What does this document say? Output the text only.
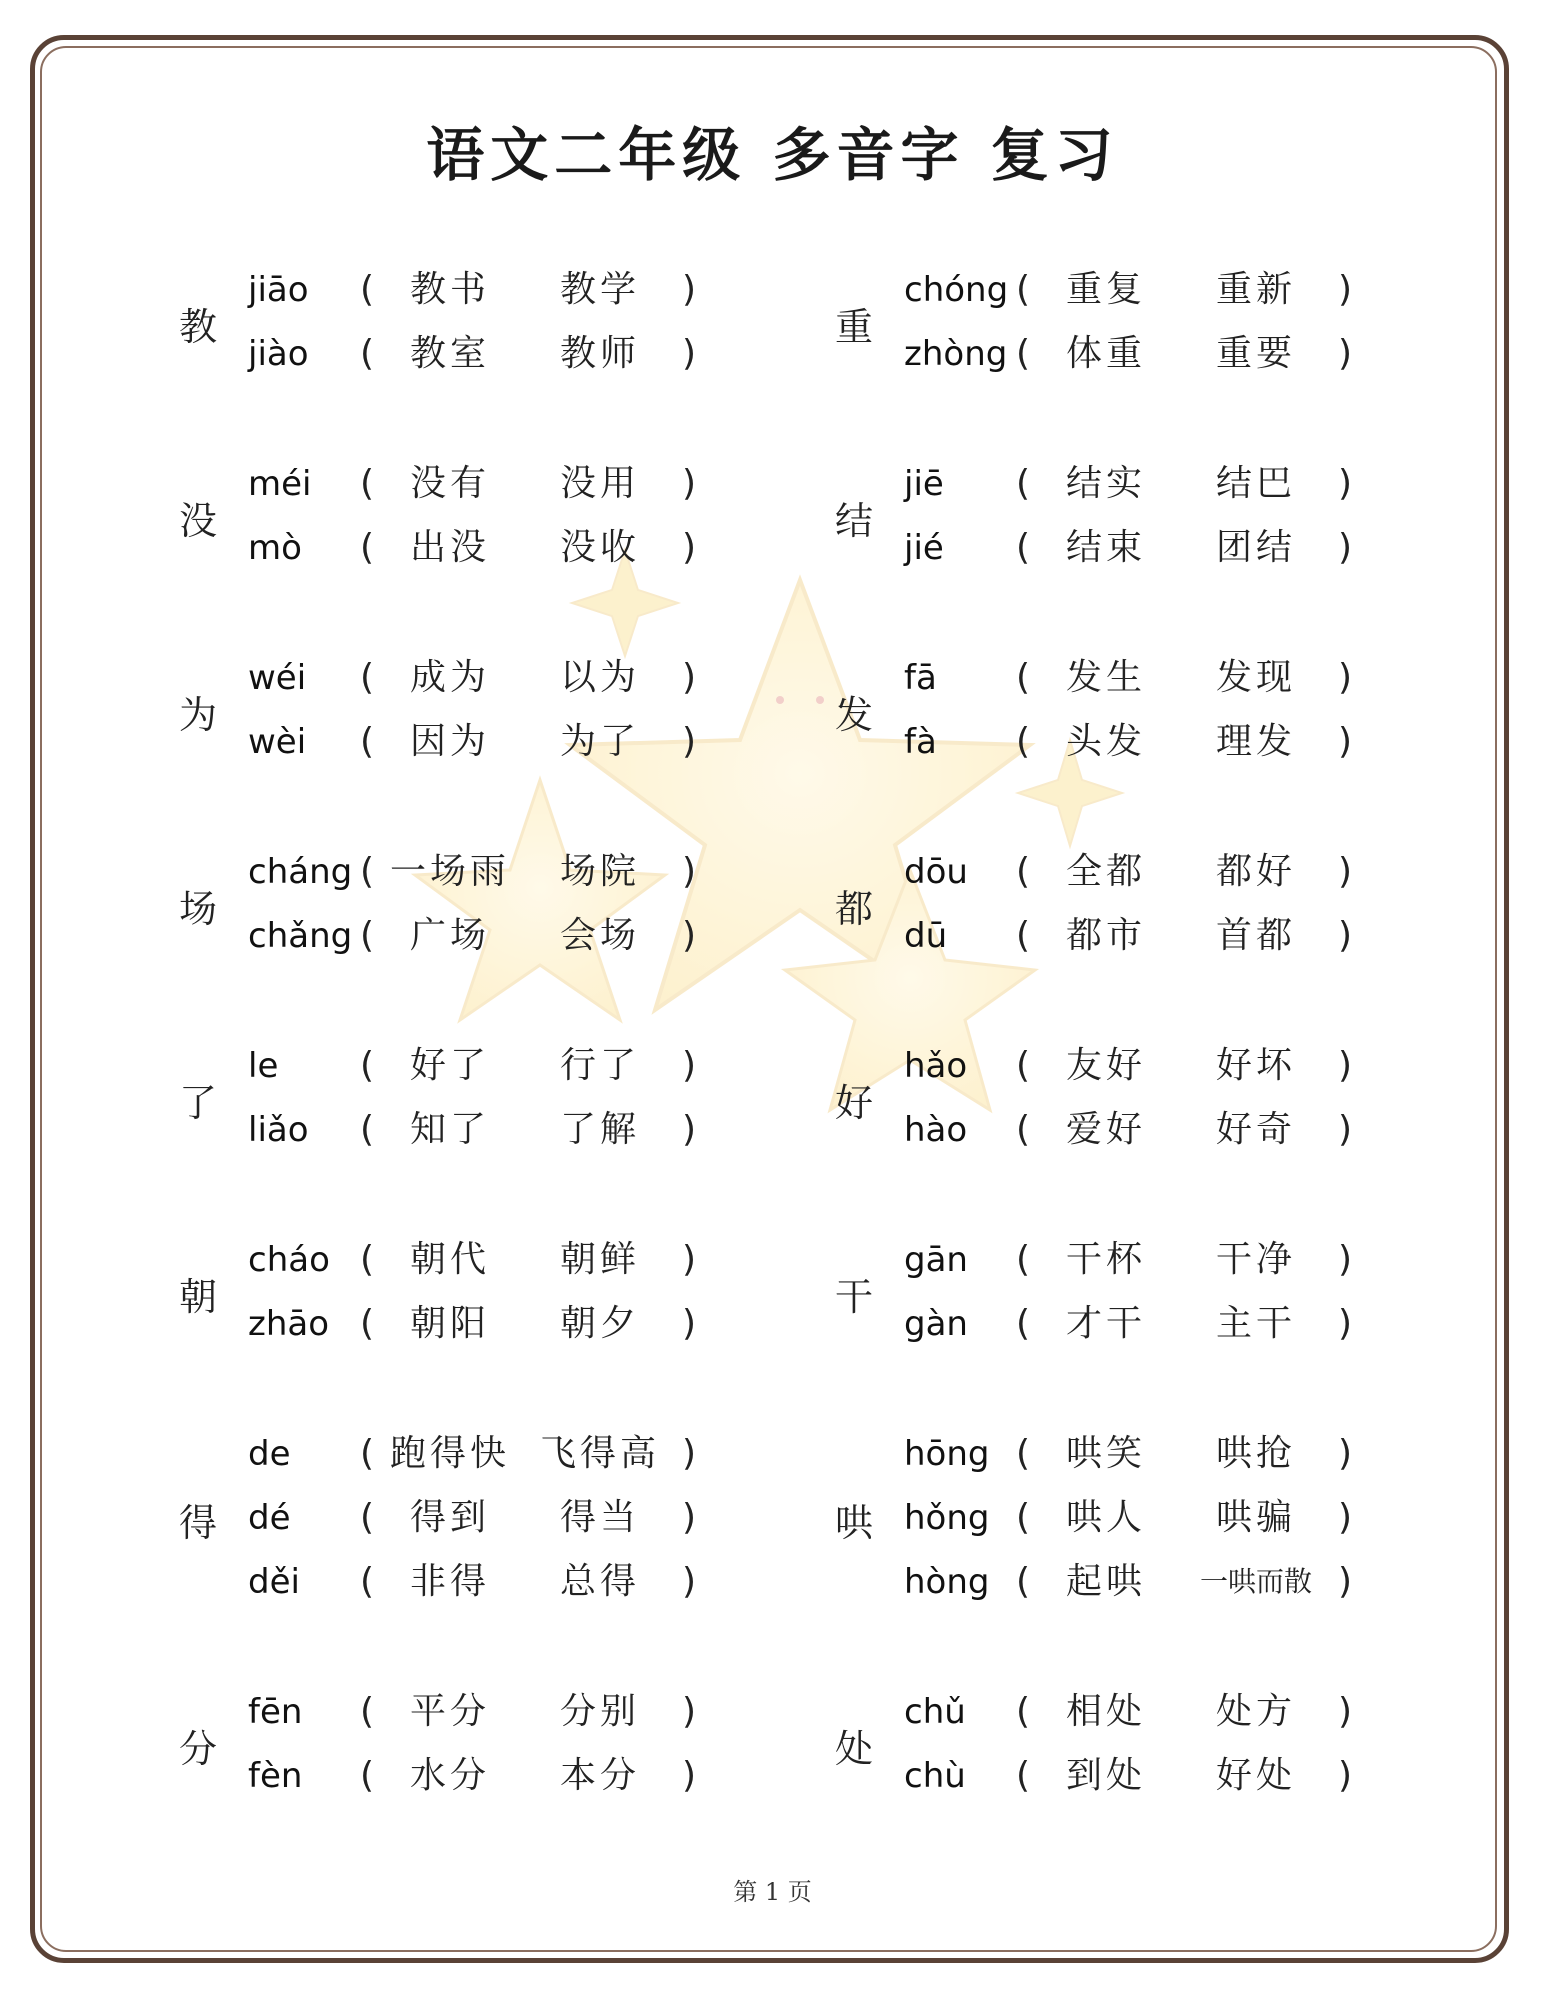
语文二年级 多音字 复习
教
jiāo ( 教书	教学	)
jiào ( 教室	教师	)
没
méi ( 没有	没用	)
mò ( 出没	没收	)
为
wéi ( 成为	以为	)
wèi ( 因为	为了	)
场
cháng ( 一场雨	场院	)
chǎng ( 广场	会场	)
了
le ( 好了	行了	)
liǎo ( 知了	了解	)
朝
cháo ( 朝代	朝鲜	)
zhāo ( 朝阳	朝夕	)
得
de ( 跑得快 飞得高 )
dé ( 得到	得当	)
děi ( 非得	总得	)
分
fēn ( 平分	分别	)
fèn ( 水分	本分	)
重
chóng ( 重复	重新	)
zhòng ( 体重	重要	)
结
jiē ( 结实	结巴	)
jié ( 结束	团结	)
发
fā ( 发生	发现	)
fà ( 头发	理发	)
都
dōu ( 全都	都好	)
dū ( 都市	首都	)
好
hǎo ( 友好	好坏	)
hào ( 爱好	好奇	)
干
gān ( 干杯	干净	)
gàn ( 才干	主干	)
哄
hōng ( 哄笑	哄抢	)
hǒng ( 哄人	哄骗	)
hòng ( 起哄	一哄而散 )
处
chǔ ( 相处	处方	)
chù ( 到处	好处	)
第 1 页
